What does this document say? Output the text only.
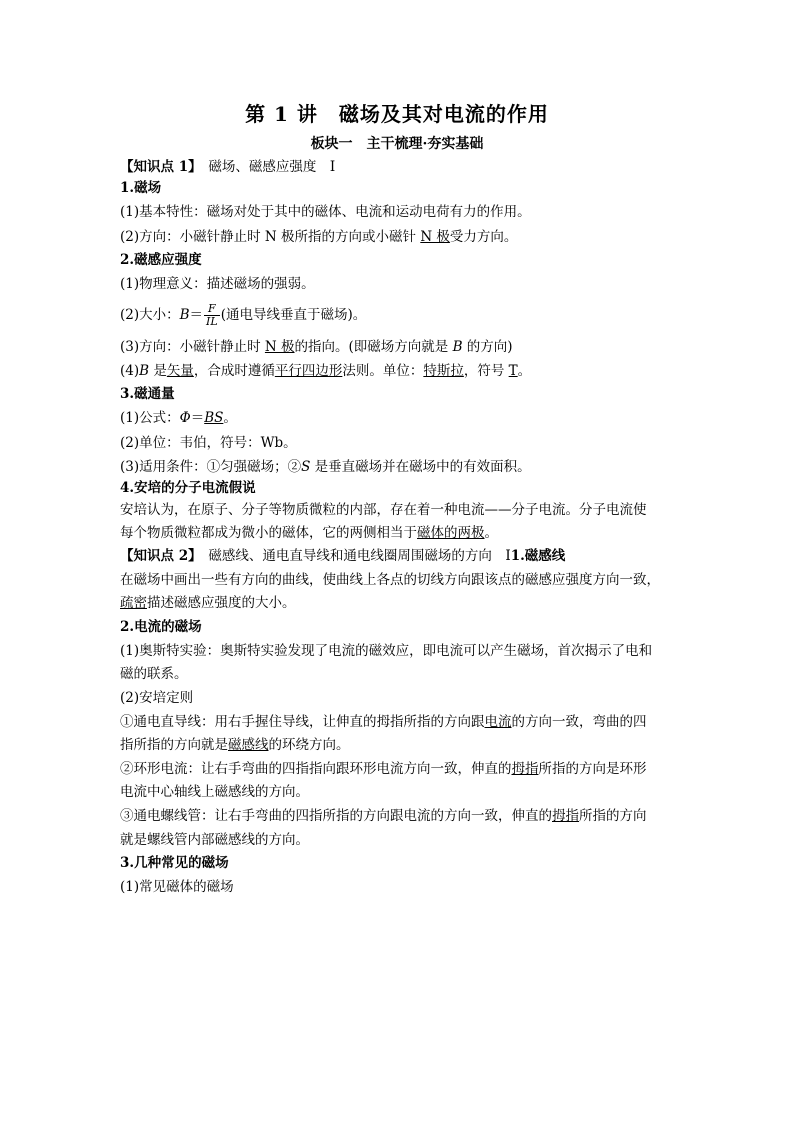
第 1 讲　磁场及其对电流的作用
板块一　主干梳理·夯实基础
【知识点 1】　磁场、磁感应强度　Ⅰ
1.磁场
(1)基本特性：磁场对处于其中的磁体、电流和运动电荷有力的作用。
(2)方向：小磁针静止时 N 极所指的方向或小磁针 N 极受力方向。
2.磁感应强度
(1)物理意义：描述磁场的强弱。
(2)大小：$B= \frac{F}{IL}$ (通电导线垂直于磁场)。
(3)方向：小磁针静止时 N 极的指向。(即磁场方向就是 B 的方向)
(4)B 是矢量，合成时遵循平行四边形法则。单位：特斯拉，符号 T。
3.磁通量
(1)公式：Φ＝BS。
(2)单位：韦伯，符号：Wb。
(3)适用条件：①匀强磁场；②S 是垂直磁场并在磁场中的有效面积。
4.安培的分子电流假说
安培认为，在原子、分子等物质微粒的内部，存在着一种电流——分子电流。分子电流使
每个物质微粒都成为微小的磁体，它的两侧相当于磁体的两极。
【知识点 2】　磁感线、通电直导线和通电线圈周围磁场的方向　Ⅰ1.磁感线
在磁场中画出一些有方向的曲线，使曲线上各点的切线方向跟该点的磁感应强度方向一致，
疏密描述磁感应强度的大小。
2.电流的磁场
(1)奥斯特实验：奥斯特实验发现了电流的磁效应，即电流可以产生磁场，首次揭示了电和
磁的联系。
(2)安培定则
①通电直导线：用右手握住导线，让伸直的拇指所指的方向跟电流的方向一致，弯曲的四
指所指的方向就是磁感线的环绕方向。
②环形电流：让右手弯曲的四指指向跟环形电流方向一致，伸直的拇指所指的方向是环形
电流中心轴线上磁感线的方向。
③通电螺线管：让右手弯曲的四指所指的方向跟电流的方向一致，伸直的拇指所指的方向
就是螺线管内部磁感线的方向。
3.几种常见的磁场
(1)常见磁体的磁场
